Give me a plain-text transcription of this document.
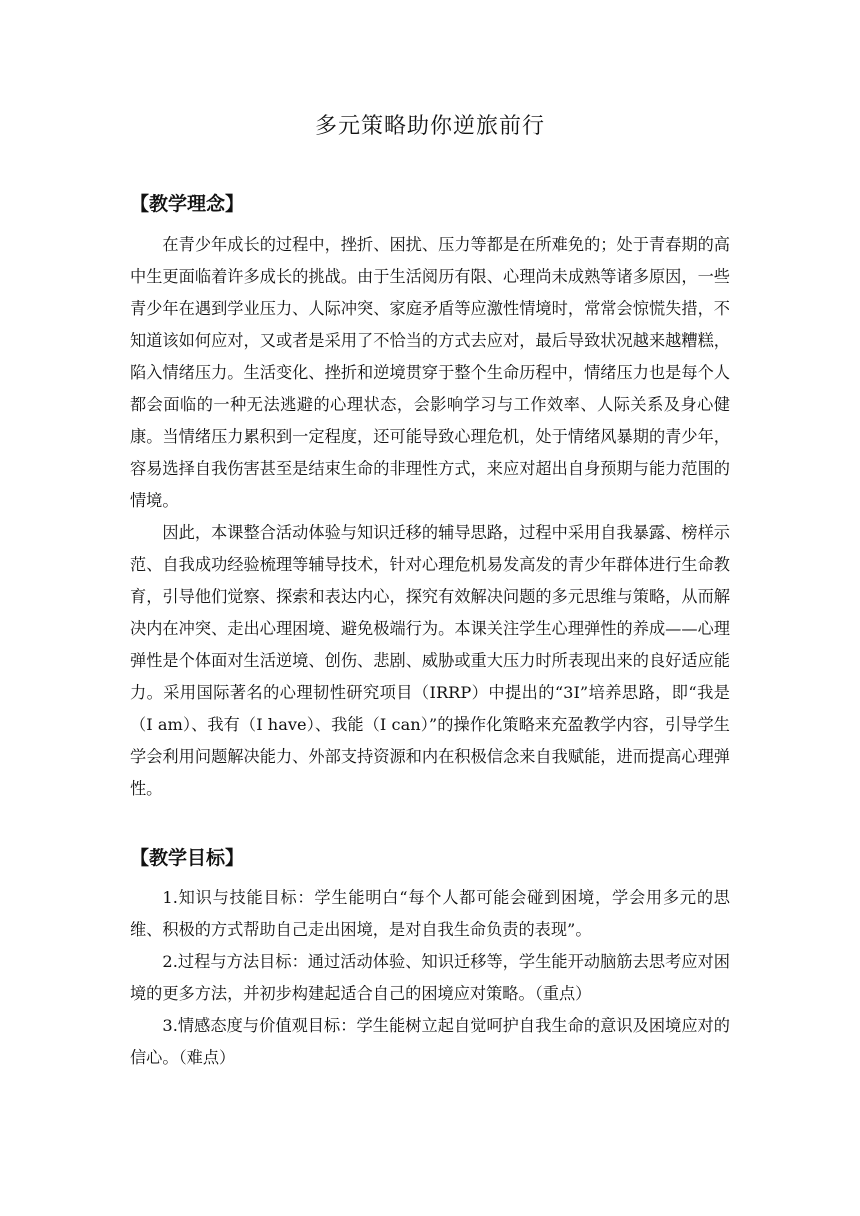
多元策略助你逆旅前行
【教学理念】

在青少年成长的过程中，挫折、困扰、压力等都是在所难免的；处于青春期的高中生更面临着许多成长的挑战。由于生活阅历有限、心理尚未成熟等诸多原因，一些青少年在遇到学业压力、人际冲突、家庭矛盾等应激性情境时，常常会惊慌失措，不知道该如何应对，又或者是采用了不恰当的方式去应对，最后导致状况越来越糟糕，陷入情绪压力。生活变化、挫折和逆境贯穿于整个生命历程中，情绪压力也是每个人都会面临的一种无法逃避的心理状态，会影响学习与工作效率、人际关系及身心健康。当情绪压力累积到一定程度，还可能导致心理危机，处于情绪风暴期的青少年，容易选择自我伤害甚至是结束生命的非理性方式，来应对超出自身预期与能力范围的情境。

因此，本课整合活动体验与知识迁移的辅导思路，过程中采用自我暴露、榜样示范、自我成功经验梳理等辅导技术，针对心理危机易发高发的青少年群体进行生命教育，引导他们觉察、探索和表达内心，探究有效解决问题的多元思维与策略，从而解决内在冲突、走出心理困境、避免极端行为。本课关注学生心理弹性的养成——心理弹性是个体面对生活逆境、创伤、悲剧、威胁或重大压力时所表现出来的良好适应能力。采用国际著名的心理韧性研究项目（IRRP）中提出的“3I”培养思路，即“我是（I am）、我有（I have）、我能（I can）”的操作化策略来充盈教学内容，引导学生学会利用问题解决能力、外部支持资源和内在积极信念来自我赋能，进而提高心理弹性。

【教学目标】

1.知识与技能目标：学生能明白“每个人都可能会碰到困境，学会用多元的思维、积极的方式帮助自己走出困境，是对自我生命负责的表现”。

2.过程与方法目标：通过活动体验、知识迁移等，学生能开动脑筋去思考应对困境的更多方法，并初步构建起适合自己的困境应对策略。（重点）

3.情感态度与价值观目标：学生能树立起自觉呵护自我生命的意识及困境应对的信心。（难点）
